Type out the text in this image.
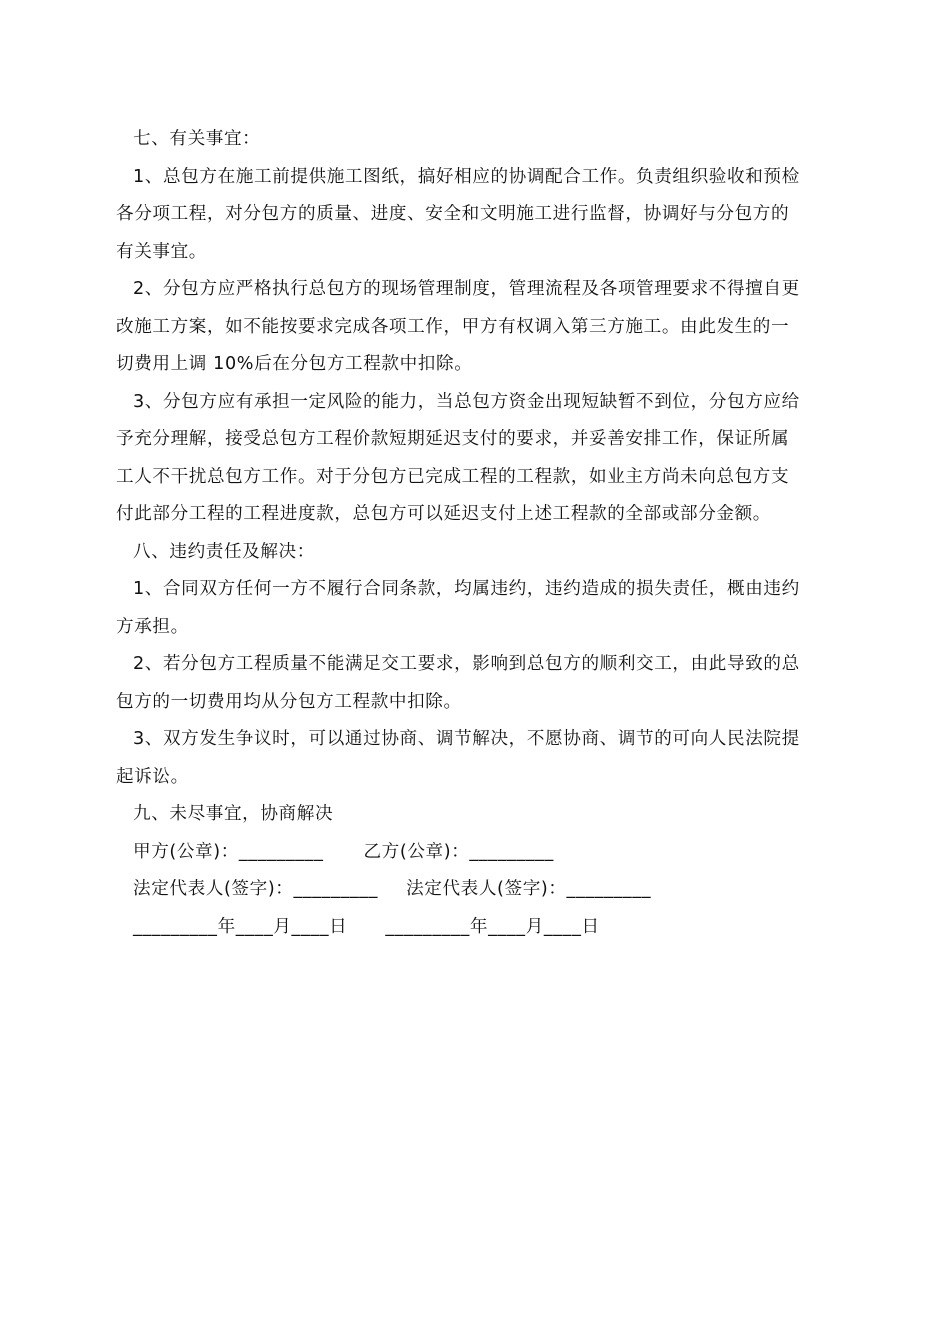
七、有关事宜：

1、总包方在施工前提供施工图纸，搞好相应的协调配合工作。负责组织验收和预检

各分项工程，对分包方的质量、进度、安全和文明施工进行监督，协调好与分包方的

有关事宜。

2、分包方应严格执行总包方的现场管理制度，管理流程及各项管理要求不得擅自更

改施工方案，如不能按要求完成各项工作，甲方有权调入第三方施工。由此发生的一

切费用上调 10%后在分包方工程款中扣除。

3、分包方应有承担一定风险的能力，当总包方资金出现短缺暂不到位，分包方应给

予充分理解，接受总包方工程价款短期延迟支付的要求，并妥善安排工作，保证所属

工人不干扰总包方工作。对于分包方已完成工程的工程款，如业主方尚未向总包方支

付此部分工程的工程进度款，总包方可以延迟支付上述工程款的全部或部分金额。

八、违约责任及解决：

1、合同双方任何一方不履行合同条款，均属违约，违约造成的损失责任，概由违约

方承担。

2、若分包方工程质量不能满足交工要求，影响到总包方的顺利交工，由此导致的总

包方的一切费用均从分包方工程款中扣除。

3、双方发生争议时，可以通过协商、调节解决，不愿协商、调节的可向人民法院提

起诉讼。

九、未尽事宜，协商解决

甲方(公章)：_________ 乙方(公章)：_________
法定代表人(签字)：_________ 法定代表人(签字)：_________
_________年____月____日 _________年____月____日
